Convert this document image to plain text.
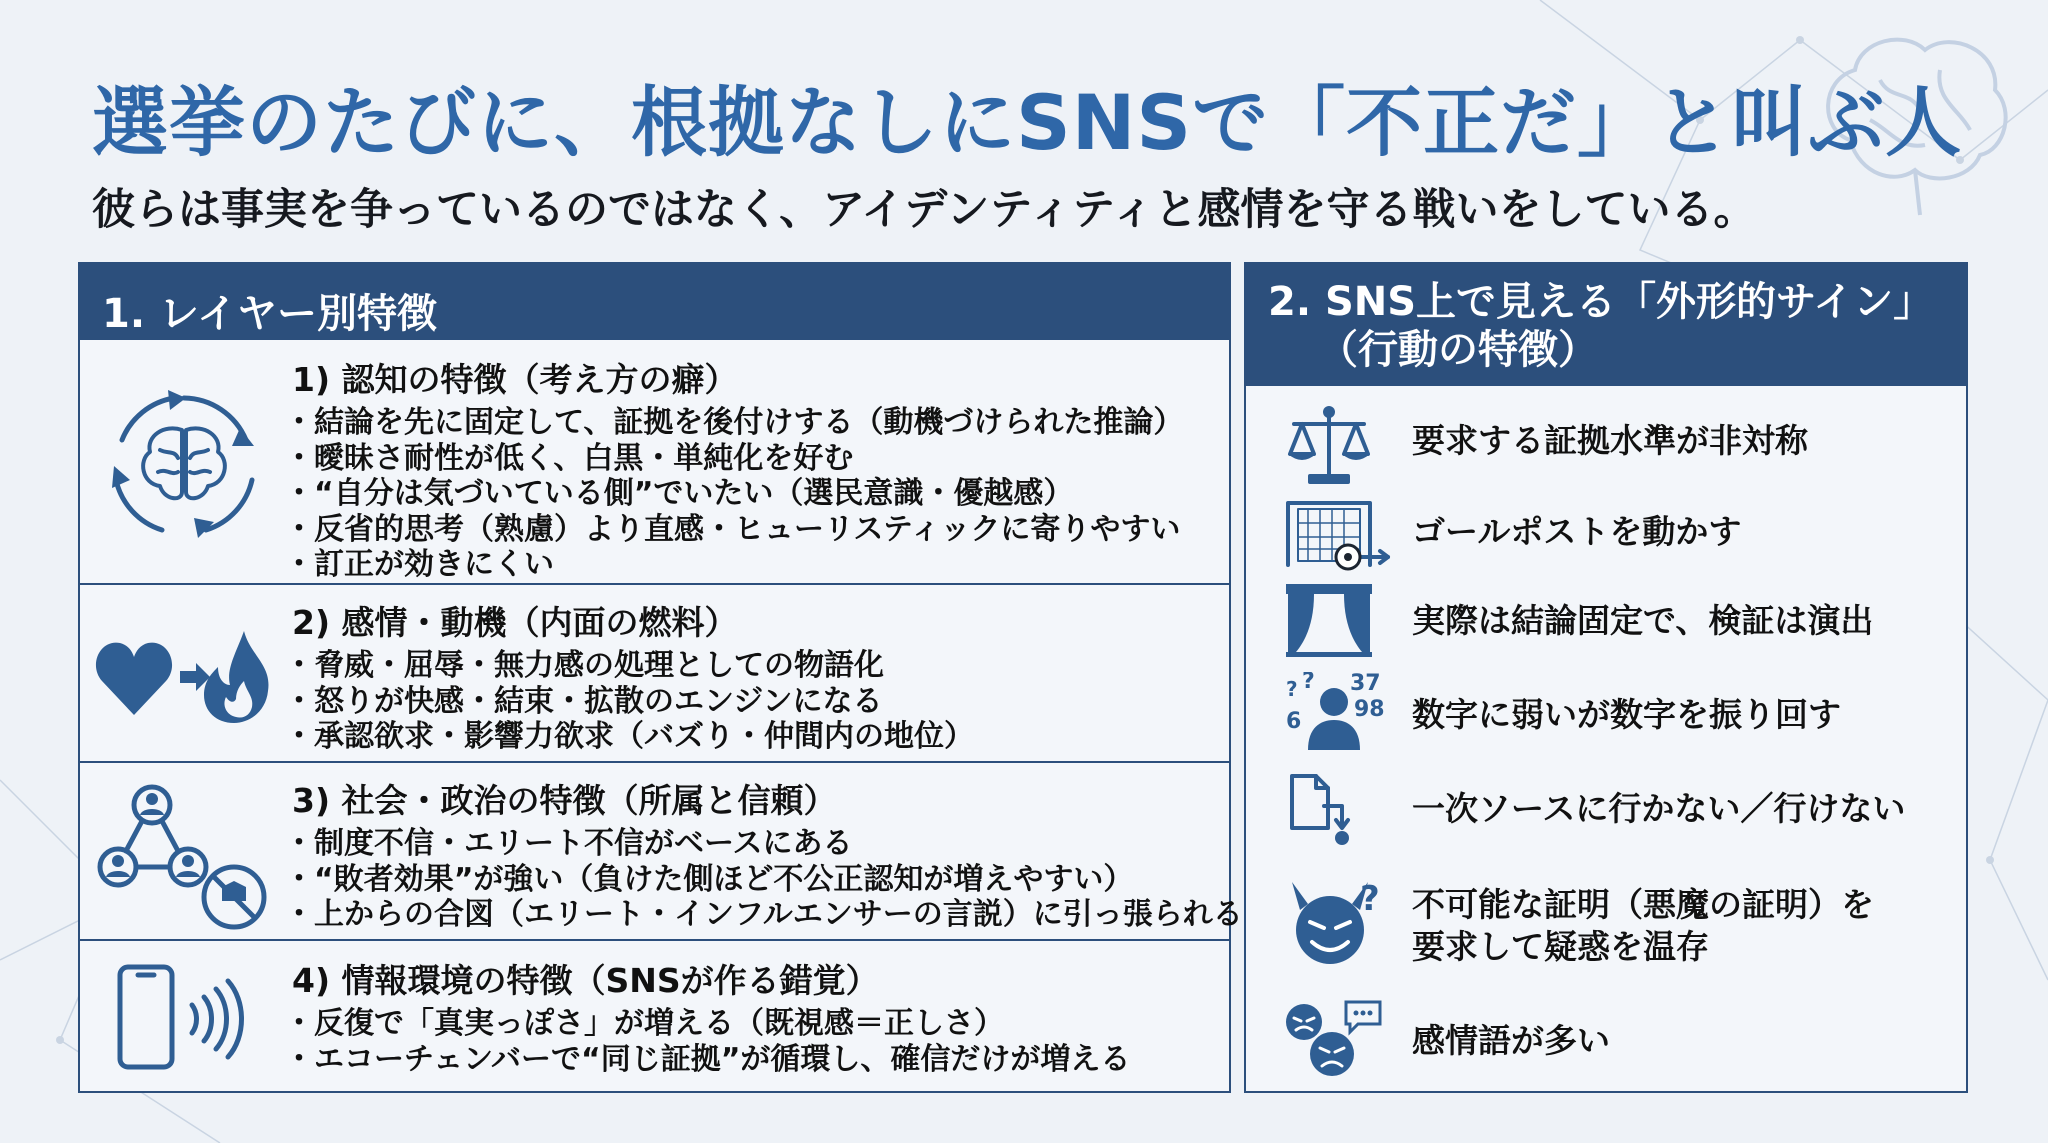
選挙のたびに、根拠なしにSNSで「不正だ」と叫ぶ人

彼らは事実を争っているのではなく、アイデンティティと感情を守る戦いをしている。

1. レイヤー別特徴
1) 認知の特徴（考え方の癖）
・ 結論を先に固定して、証拠を後付けする（動機づけられた推論）
・ 曖昧さ耐性が低く、白黒・単純化を好む
・ “自分は気づいている側”でいたい（選民意識・優越感）
・ 反省的思考（熟慮）より直感・ヒューリスティックに寄りやすい
・ 訂正が効きにくい
2) 感情・動機（内面の燃料）
・ 脅威・屈辱・無力感の処理としての物語化
・ 怒りが快感・結束・拡散のエンジンになる
・ 承認欲求・影響力欲求（バズり・仲間内の地位）
3) 社会・政治の特徴（所属と信頼）
・ 制度不信・エリート不信がベースにある
・ “敗者効果”が強い（負けた側ほど不公正認知が増えやすい）
・ 上からの合図（エリート・インフルエンサーの言説）に引っ張られる
4) 情報環境の特徴（SNSが作る錯覚）
・ 反復で「真実っぽさ」が増える（既視感＝正しさ）
・ エコーチェンバーで“同じ証拠”が循環し、確信だけが増える
2. SNS上で見える「外形的サイン」
（行動の特徴）
要求する証拠水準が非対称
ゴールポストを動かす
実際は結論固定で、検証は演出
? ? 37
98
6	数字に弱いが数字を振り回す
一次ソースに行かない／行けない
? 不可能な証明（悪魔の証明）を
要求して疑惑を温存
感情語が多い
